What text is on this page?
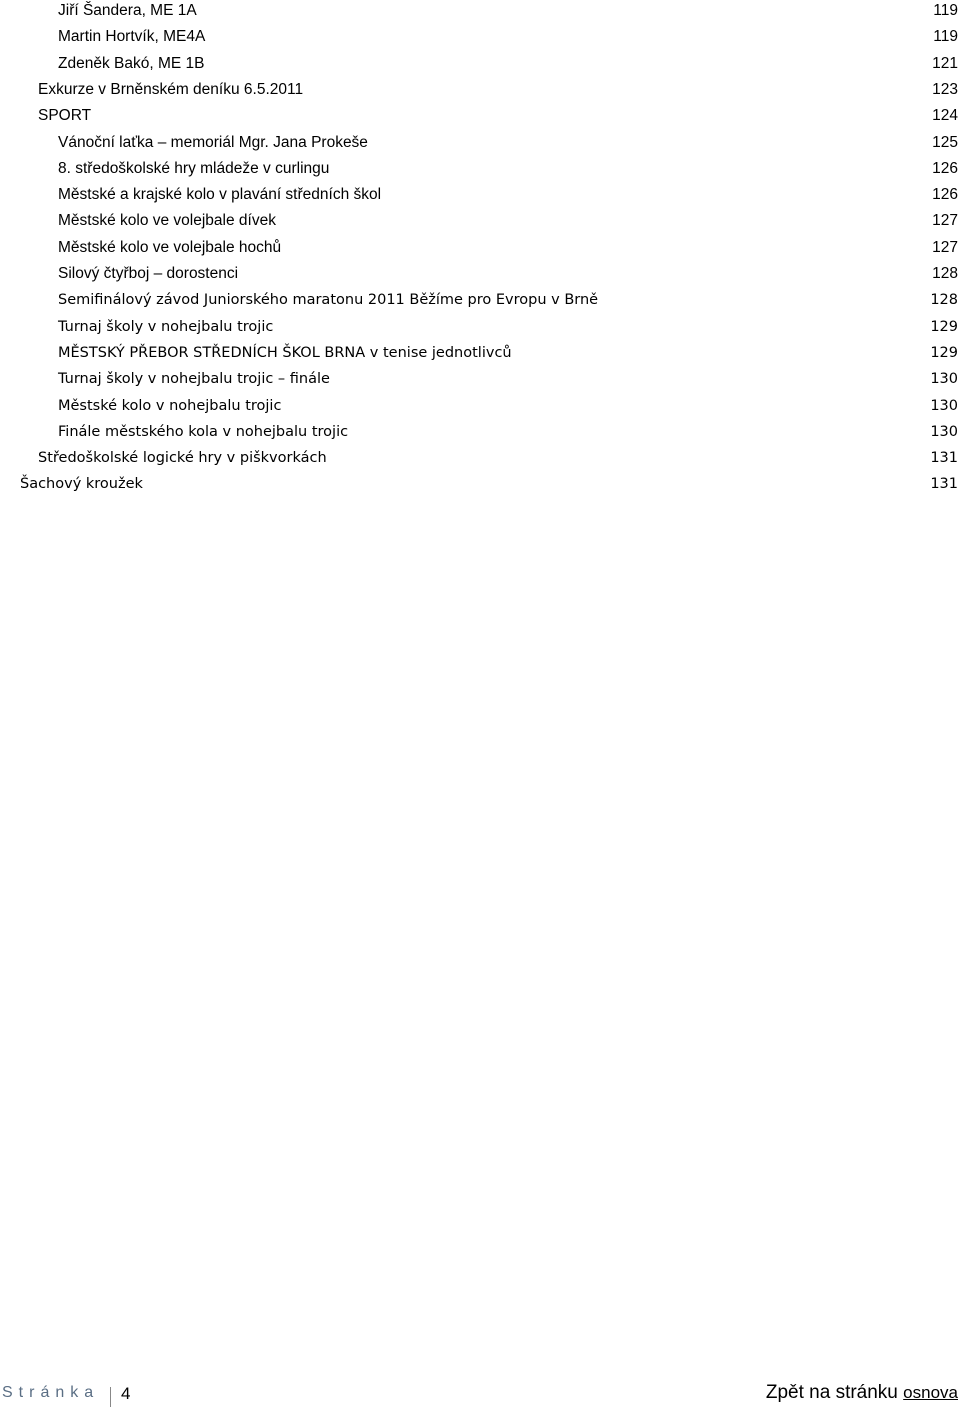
Jiří Šandera, ME 1A	119
Martin Hortvík, ME4A	119
Zdeněk Bakó, ME 1B	121
Exkurze v Brněnském deníku 6.5.2011	123
SPORT	124
Vánoční laťka – memoriál Mgr. Jana Prokeše	125
8. středoškolské hry mládeže v curlingu	126
Městské a krajské kolo v plavání středních škol	126
Městské kolo ve volejbale dívek	127
Městské kolo ve volejbale hochů	127
Silový čtyřboj – dorostenci	128
Semifinálový závod Juniorského maratonu 2011 Běžíme pro Evropu v Brně	128
Turnaj školy v nohejbalu trojic	129
MĚSTSKÝ PŘEBOR STŘEDNÍCH ŠKOL BRNA v tenise jednotlivců	129
Turnaj školy v nohejbalu trojic – finále	130
Městské kolo v nohejbalu trojic	130
Finále městského kola v nohejbalu trojic	130
Středoškolské logické hry v piškvorkách	131
Šachový kroužek	131
Stránka 4	Zpět na stránku osnova
